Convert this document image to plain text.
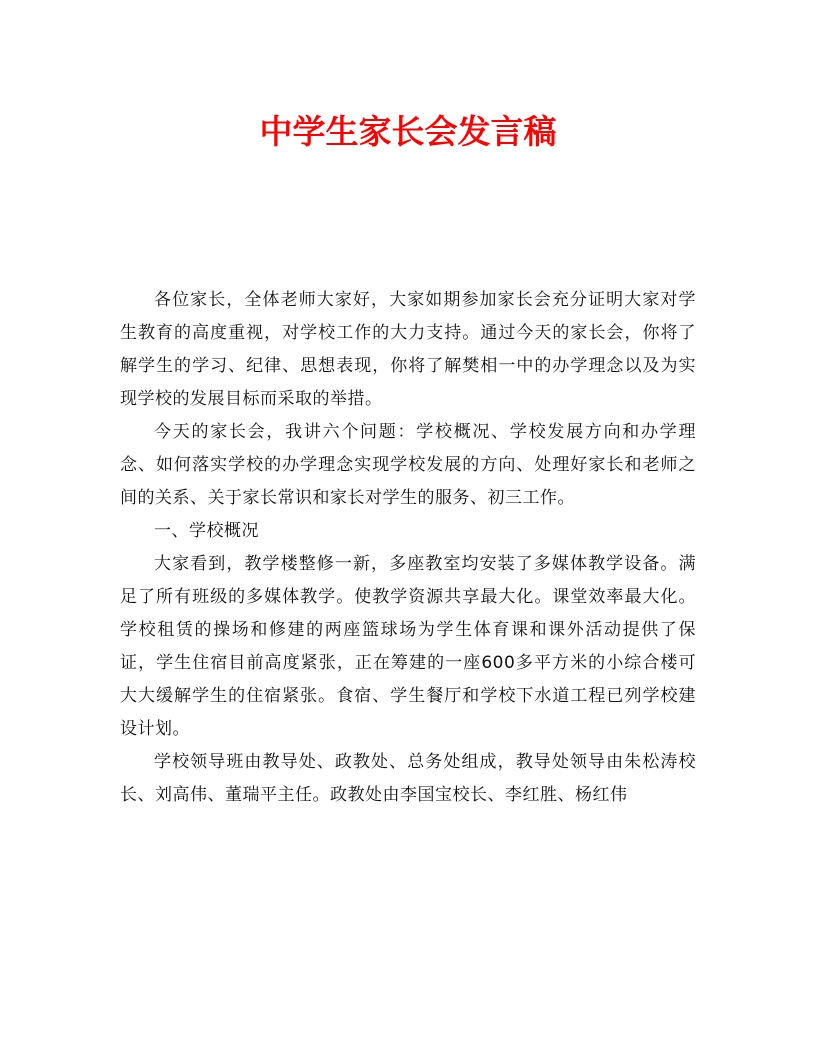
中学生家长会发言稿

各位家长，全体老师大家好，大家如期参加家长会充分证明大家对学生教育的高度重视，对学校工作的大力支持。通过今天的家长会，你将了解学生的学习、纪律、思想表现，你将了解樊相一中的办学理念以及为实现学校的发展目标而采取的举措。

今天的家长会，我讲六个问题：学校概况、学校发展方向和办学理念、如何落实学校的办学理念实现学校发展的方向、处理好家长和老师之间的关系、关于家长常识和家长对学生的服务、初三工作。

一、学校概况

大家看到，教学楼整修一新，多座教室均安装了多媒体教学设备。满足了所有班级的多媒体教学。使教学资源共享最大化。课堂效率最大化。学校租赁的操场和修建的两座篮球场为学生体育课和课外活动提供了保证，学生住宿目前高度紧张，正在筹建的一座600多平方米的小综合楼可大大缓解学生的住宿紧张。食宿、学生餐厅和学校下水道工程已列学校建设计划。

学校领导班由教导处、政教处、总务处组成，教导处领导由朱松涛校长、刘高伟、董瑞平主任。政教处由李国宝校长、李红胜、杨红伟
